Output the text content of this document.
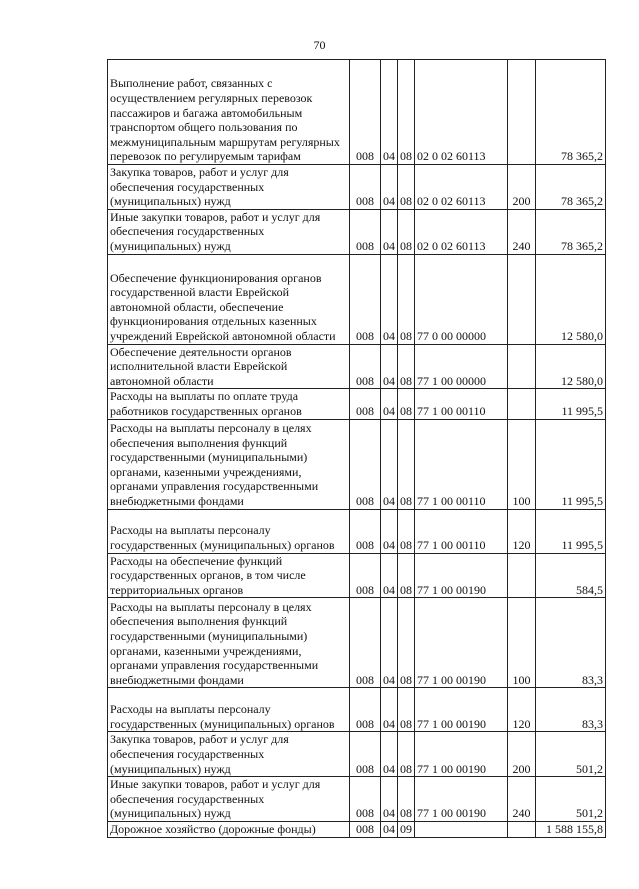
70
Выполнение работ, связанных с осуществлением регулярных перевозок пассажиров и багажа автомобильным транспортом общего пользования по межмуниципальным маршрутам регулярных перевозок по регулируемым тарифам	008	04	08	02 0 02 60113		78 365,2
Закупка товаров, работ и услуг для обеспечения государственных (муниципальных) нужд	008	04	08	02 0 02 60113	200	78 365,2
Иные закупки товаров, работ и услуг для обеспечения государственных (муниципальных) нужд	008	04	08	02 0 02 60113	240	78 365,2
Обеспечение функционирования органов государственной власти Еврейской автономной области, обеспечение функционирования отдельных казенных учреждений Еврейской автономной области	008	04	08	77 0 00 00000		12 580,0
Обеспечение деятельности органов исполнительной власти Еврейской автономной области	008	04	08	77 1 00 00000		12 580,0
Расходы на выплаты по оплате труда работников государственных органов	008	04	08	77 1 00 00110		11 995,5
Расходы на выплаты персоналу в целях обеспечения выполнения функций государственными (муниципальными) органами, казенными учреждениями, органами управления государственными внебюджетными фондами	008	04	08	77 1 00 00110	100	11 995,5
Расходы на выплаты персоналу государственных (муниципальных) органов	008	04	08	77 1 00 00110	120	11 995,5
Расходы на обеспечение функций государственных органов, в том числе территориальных органов	008	04	08	77 1 00 00190		584,5
Расходы на выплаты персоналу в целях обеспечения выполнения функций государственными (муниципальными) органами, казенными учреждениями, органами управления государственными внебюджетными фондами	008	04	08	77 1 00 00190	100	83,3
Расходы на выплаты персоналу государственных (муниципальных) органов	008	04	08	77 1 00 00190	120	83,3
Закупка товаров, работ и услуг для обеспечения государственных (муниципальных) нужд	008	04	08	77 1 00 00190	200	501,2
Иные закупки товаров, работ и услуг для обеспечения государственных (муниципальных) нужд	008	04	08	77 1 00 00190	240	501,2
Дорожное хозяйство (дорожные фонды)	008	04	09			1 588 155,8
